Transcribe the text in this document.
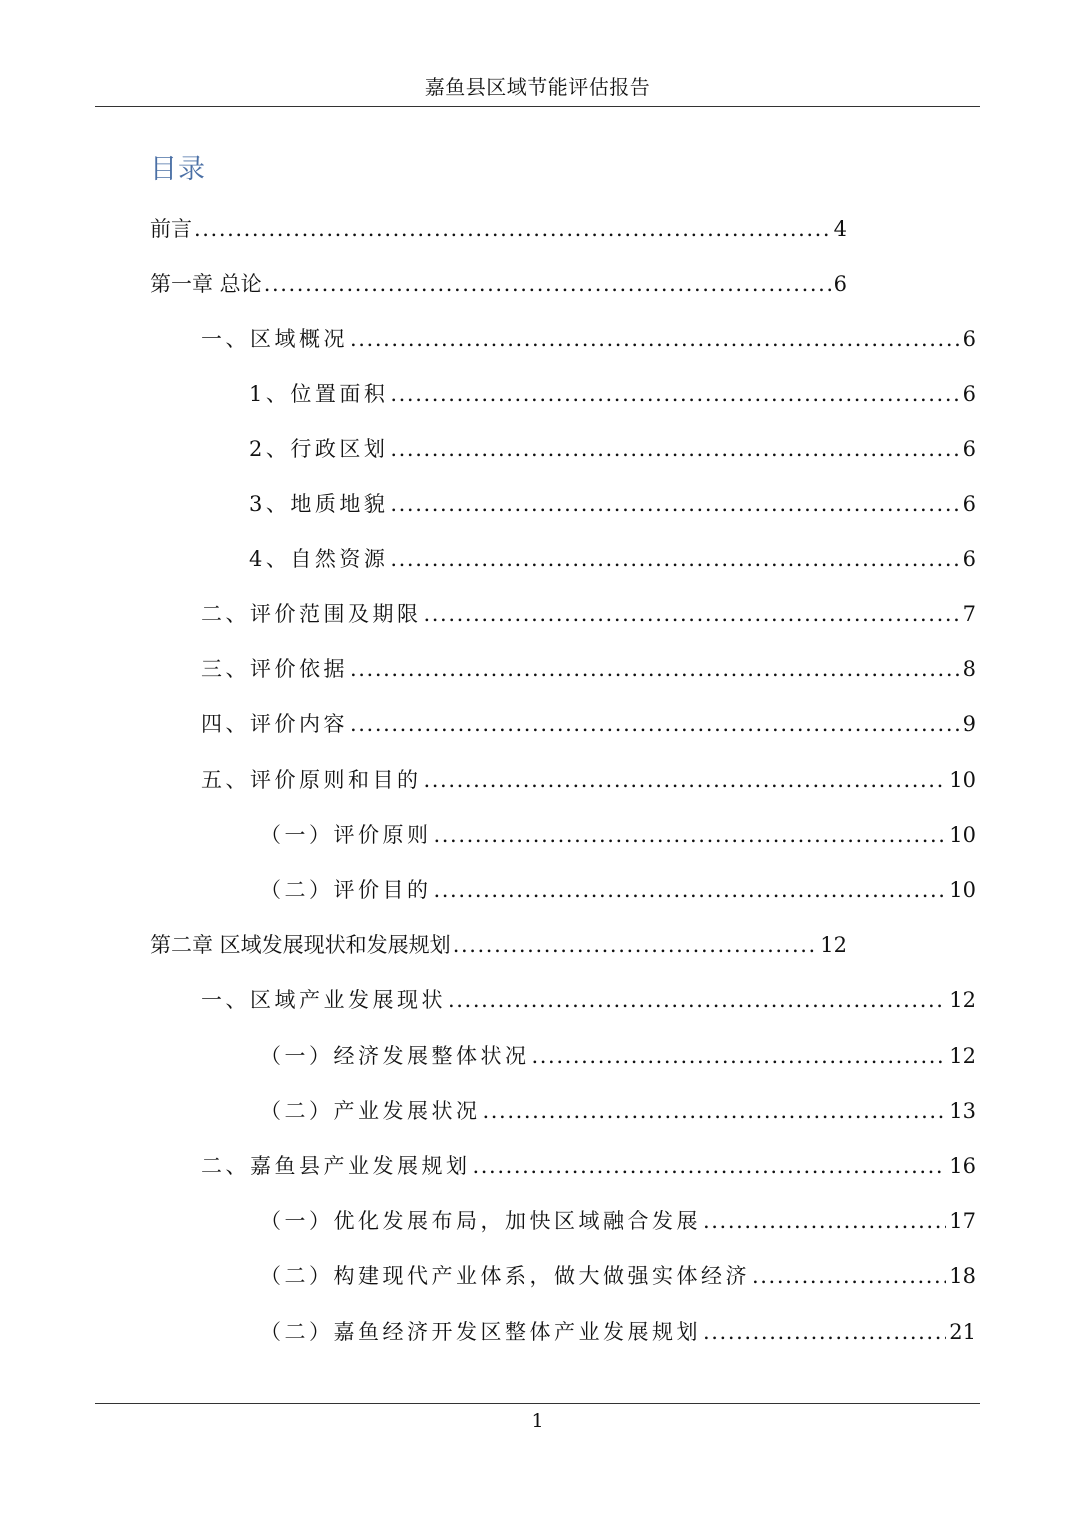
嘉鱼县区域节能评估报告
目录
前言 .....	4
第一章 总论 .....	6
一、区域概况 .....	6
1、位置面积 .....	6
2、行政区划 .....	6
3、地质地貌 .....	6
4、自然资源 .....	6
二、评价范围及期限 .....	7
三、评价依据 .....	8
四、评价内容 .....	9
五、评价原则和目的 .....	10
（一）评价原则 .....	10
（二）评价目的 .....	10
第二章 区域发展现状和发展规划 .....	12
一、区域产业发展现状 .....	12
（一）经济发展整体状况 .....	12
（二）产业发展状况 .....	13
二、嘉鱼县产业发展规划 .....	16
（一）优化发展布局，加快区域融合发展 .....	17
（二）构建现代产业体系，做大做强实体经济 .....	18
（二）嘉鱼经济开发区整体产业发展规划 .....	21
1
